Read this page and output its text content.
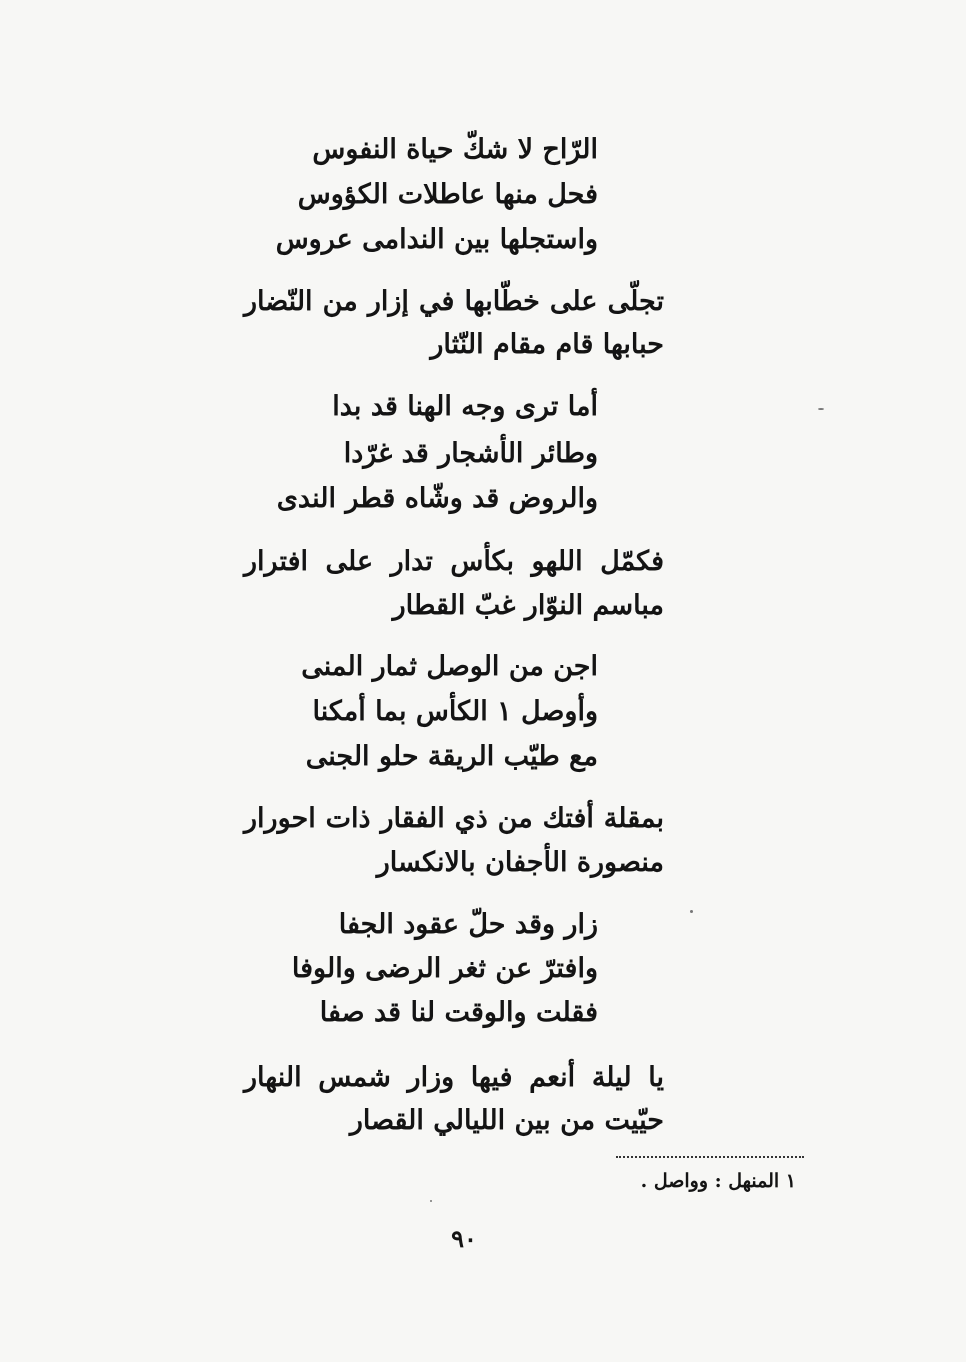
الرّاح لا شكّ حياة النفوس
فحل منها عاطلات الكؤوس
واستجلها بين الندامى عروس
تجلّى على خطّابها في إزار من النّضار
حبابها قام مقام النّثار
أما ترى وجه الهنا قد بدا
وطائر الأشجار قد غرّدا
والروض قد وشّاه قطر الندى
فكمّل اللهو بكأس تدار على افترار
مباسم النوّار غبّ القطار
اجن من الوصل ثمار المنى
وأوصل ١ الكأس بما أمكنا
مع طيّب الريقة حلو الجنى
بمقلة أفتك من ذي الفقار ذات احورار
منصورة الأجفان بالانكسار
زار وقد حلّ عقود الجفا
وافترّ عن ثغر الرضى والوفا
فقلت والوقت لنا قد صفا
يا ليلة أنعم فيها وزار شمس النهار
حيّيت من بين الليالي القصار
١ المنهل : وواصل .
٩٠
